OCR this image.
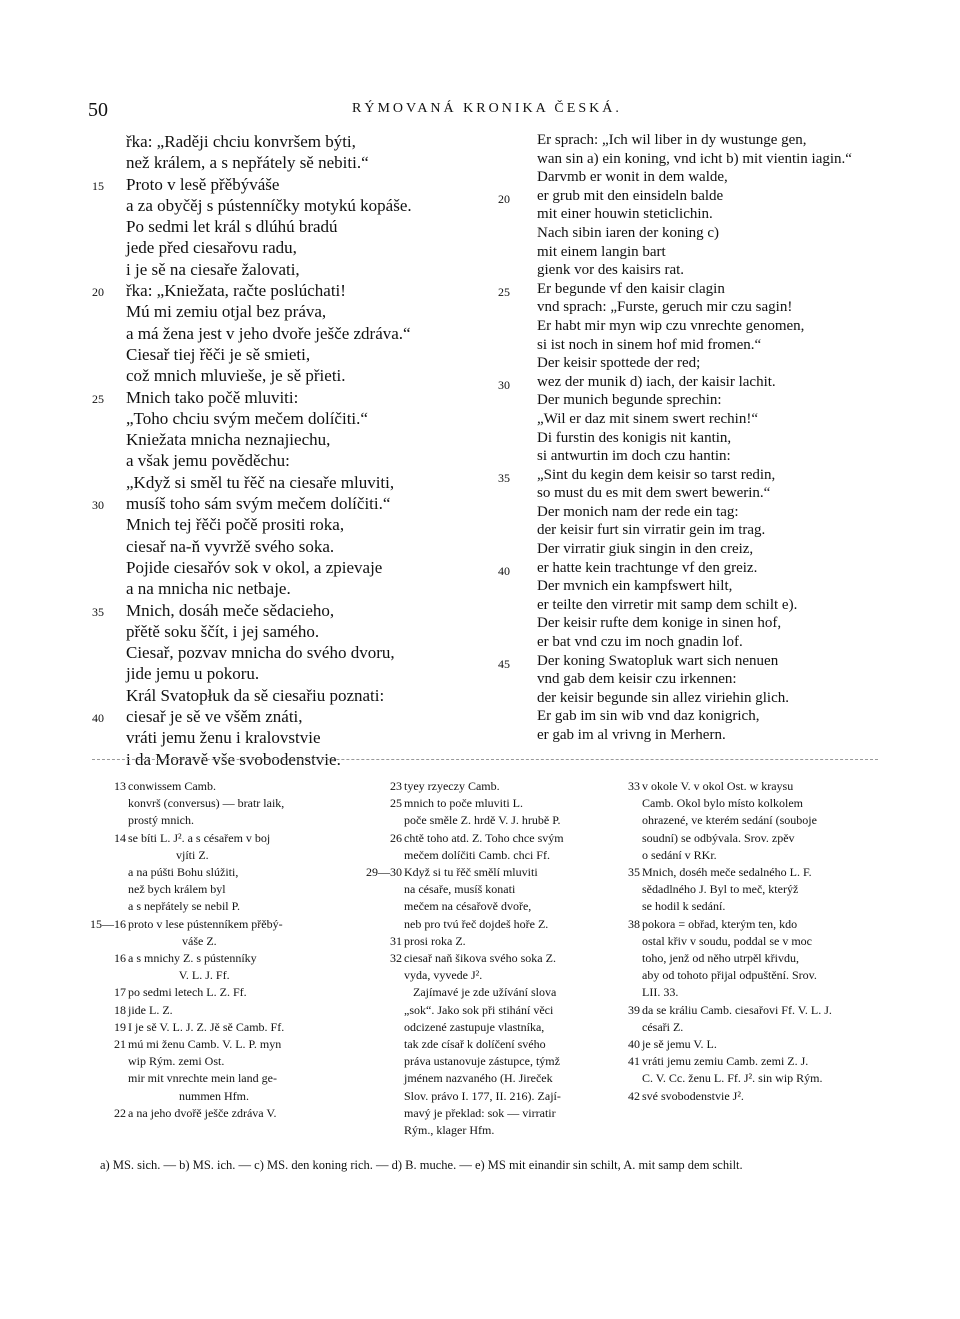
50	RÝMOVANÁ KRONIKA ČESKÁ.
řka: „Raději chciu konvršem býti,
než králem, a s nepřátely sě nebiti.“
Proto v lesě přěbýváše
a za obyčěj s pústenníčky motykú kopáše.
Po sedmi let král s dlúhú bradú
jede před ciesařovu radu,
i je sě na ciesaře žalovati,
řka: „Kniežata, račte poslúchati!
Mú mi zemiu otjal bez práva,
a má žena jest v jeho dvoře ješče zdráva.“
Ciesař tiej řěči je sě smieti,
což mnich mluvieše, je sě přieti.
Mnich tako počě mluviti:
„Toho chciu svým mečem dolíčiti.“
Kniežata mnicha neznajiechu,
a však jemu pověděchu:
„Když si směl tu řěč na ciesaře mluviti,
musíš toho sám svým mečem dolíčiti.“
Mnich tej řěči počě prositi roka,
ciesař na-ň vyvržě svého soka.
Pojide ciesařóv sok v okol, a zpievaje
a na mnicha nic netbaje.
Mnich, dosáh meče sědacieho,
přětě soku ščít, i jej samého.
Ciesař, pozvav mnicha do svého dvoru,
jide jemu u pokoru.
Král Svatopłuk da sě ciesařiu poznati:
ciesař je sě ve všěm znáti,
vráti jemu ženu i kralovstvie
i da Moravě vše svobodenstvie.
Er sprach: „Ich wil liber in dy wustunge gen,
wan sin a) ein koning, vnd icht b) mit vientin iagin.“
Darvmb er wonit in dem walde,
er grub mit den einsideln balde
mit einer houwin steticlichin.
Nach sibin iaren der koning c)
mit einem langin bart
gienk vor des kaisirs rat.
Er begunde vf den kaisir clagin
vnd sprach: „Furste, geruch mir czu sagin!
Er habt mir myn wip czu vnrechte genomen,
si ist noch in sinem hof mid fromen.“
Der keisir spottede der red;
wez der munik d) iach, der kaisir lachit.
Der munich begunde sprechin:
„Wil er daz mit sinem swert rechin!“
Di furstin des konigis nit kantin,
si antwurtin im doch czu hantin:
„Sint du kegin dem keisir so tarst redin,
so must du es mit dem swert bewerin.“
Der monich nam der rede ein tag:
der keisir furt sin virratir gein im trag.
Der virratir giuk singin in den creiz,
er hatte kein trachtunge vf den greiz.
Der mvnich ein kampfswert hilt,
er teilte den virretir mit samp dem schilt e).
Der keisir rufte dem konige in sinen hof,
er bat vnd czu im noch gnadin lof.
Der koning Swatopluk wart sich nenuen
vnd gab dem keisir czu irkennen:
der keisir begunde sin allez viriehin glich.
Er gab im sin wib vnd daz konigrich,
er gab im al vrivng in Merhern.
15
20
25
30
35
40
20
25
30
35
40
45
13 conwissem Camb.
konvrš (conversus) — bratr laik,
prostý mnich.
14 se bíti L. J². a s césařem v boj
vjíti Z.
a na púšti Bohu slúžiti,
než bych králem byl
a s nepřátely se nebil P.
15—16 proto v lese pústenníkem přěbý-
váše Z.
16 a s mnichy Z. s pústenníky
V. L. J. Ff.
17 po sedmi letech L. Z. Ff.
18 jide L. Z.
19 I je sě V. L. J. Z. Jě sě Camb. Ff.
21 mú mi ženu Camb. V. L. P. myn
wip Rým. zemi Ost.
mir mit vnrechte mein land ge-
nummen Hfm.
22 a na jeho dvořě ješče zdráva V.
23 tyey rzyeczy Camb.
25 mnich to poče mluviti L.
poče směle Z. hrdě V. J. hrubě P.
26 chtě toho atd. Z. Toho chce svým
mečem dolíčiti Camb. chci Ff.
29—30 Když si tu řěč smělí mluviti
na césaře, musíš konati
mečem na césařově dvoře,
neb pro tvú řeč dojdeš hoře Z.
31 prosi roka Z.
32 ciesař naň šikova svého soka Z.
vyda, vyvede J².
Zajímavé je zde užívání slova
„sok“. Jako sok při stihání věci
odcizené zastupuje vlastníka,
tak zde císař k dolíčení svého
práva ustanovuje zástupce, týmž
jménem nazvaného (H. Jireček
Slov. právo I. 177, II. 216). Zají-
mavý je překlad: sok — virratir
Rým., klager Hfm.
33 v okole V. v okol Ost. w kraysu
Camb. Okol bylo místo kolkolem
ohrazené, ve kterém sedání (souboje
soudní) se odbývala. Srov. zpěv
o sedání v RKr.
35 Mnich, doséh meče sedalného L. F.
sědadlného J. Byl to meč, kterýž
se hodil k sedání.
38 pokora = obřad, kterým ten, kdo
ostal křiv v soudu, poddal se v moc
toho, jenž od něho utrpěl křivdu,
aby od tohoto přijal odpuštění. Srov.
LII. 33.
39 da se králiu Camb. ciesařovi Ff. V. L. J.
césaři Z.
40 je sě jemu V. L.
41 vráti jemu zemiu Camb. zemi Z. J.
C. V. Cc. ženu L. Ff. J². sin wip Rým.
42 své svobodenstvie J².
a) MS. sich. — b) MS. ich. — c) MS. den koning rich. — d) B. muche. — e) MS mit einandir sin schilt, A. mit samp dem schilt.
